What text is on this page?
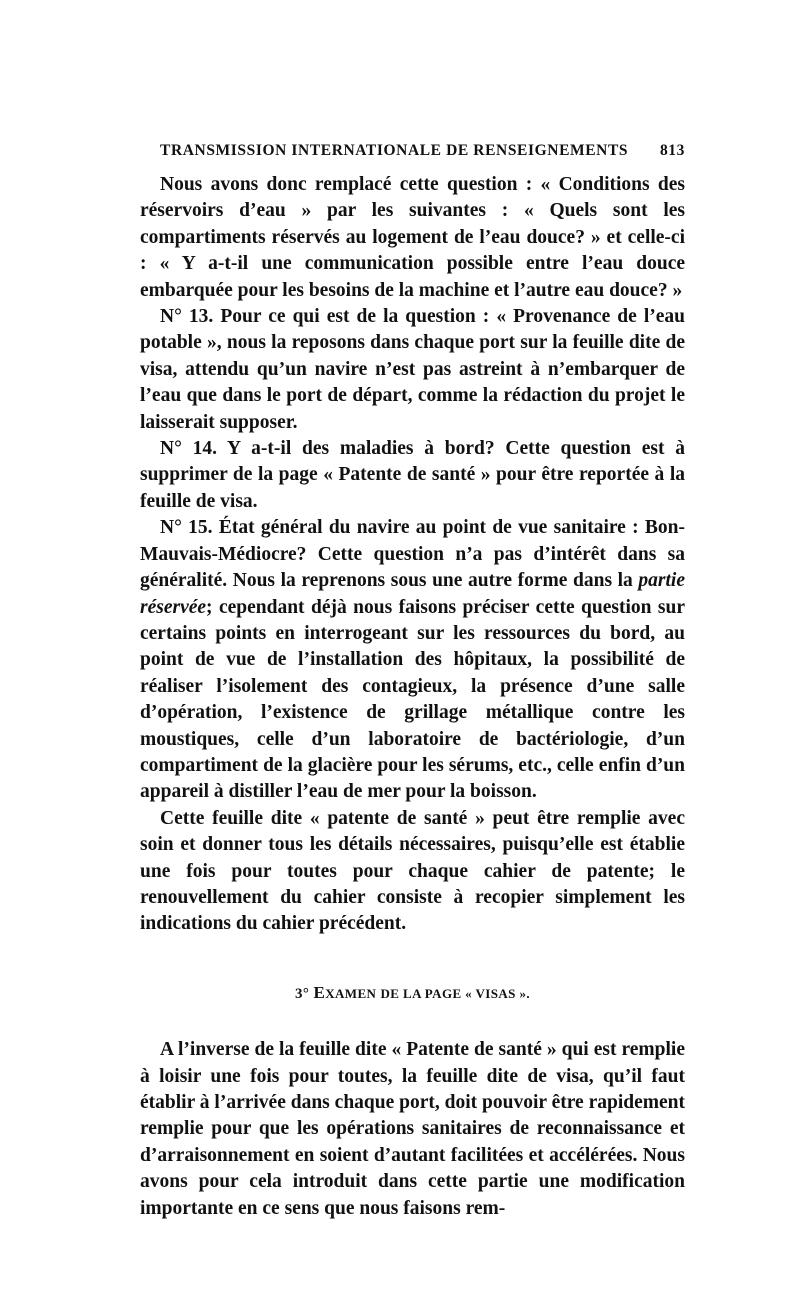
TRANSMISSION INTERNATIONALE DE RENSEIGNEMENTS 813

Nous avons donc remplacé cette question : « Conditions des réservoirs d’eau » par les suivantes : « Quels sont les compartiments réservés au logement de l’eau douce? » et celle-ci : « Y a-t-il une communication possible entre l’eau douce embarquée pour les besoins de la machine et l’autre eau douce? »

N° 13. Pour ce qui est de la question : « Provenance de l’eau potable », nous la reposons dans chaque port sur la feuille dite de visa, attendu qu’un navire n’est pas astreint à n’embarquer de l’eau que dans le port de départ, comme la rédaction du projet le laisserait supposer.

N° 14. Y a-t-il des maladies à bord? Cette question est à supprimer de la page « Patente de santé » pour être reportée à la feuille de visa.

N° 15. État général du navire au point de vue sanitaire : Bon-Mauvais-Médiocre? Cette question n’a pas d’intérêt dans sa généralité. Nous la reprenons sous une autre forme dans la partie réservée; cependant déjà nous faisons préciser cette question sur certains points en interrogeant sur les ressources du bord, au point de vue de l’installation des hôpitaux, la possibilité de réaliser l’isolement des contagieux, la présence d’une salle d’opération, l’existence de grillage métallique contre les moustiques, celle d’un laboratoire de bactériologie, d’un compartiment de la glacière pour les sérums, etc., celle enfin d’un appareil à distiller l’eau de mer pour la boisson.

Cette feuille dite « patente de santé » peut être remplie avec soin et donner tous les détails nécessaires, puisqu’elle est établie une fois pour toutes pour chaque cahier de patente; le renouvellement du cahier consiste à recopier simplement les indications du cahier précédent.

3° EXAMEN DE LA PAGE « VISAS ».

A l’inverse de la feuille dite « Patente de santé » qui est remplie à loisir une fois pour toutes, la feuille dite de visa, qu’il faut établir à l’arrivée dans chaque port, doit pouvoir être rapidement remplie pour que les opérations sanitaires de reconnaissance et d’arraisonnement en soient d’autant facilitées et accélérées. Nous avons pour cela introduit dans cette partie une modification importante en ce sens que nous faisons rem-
